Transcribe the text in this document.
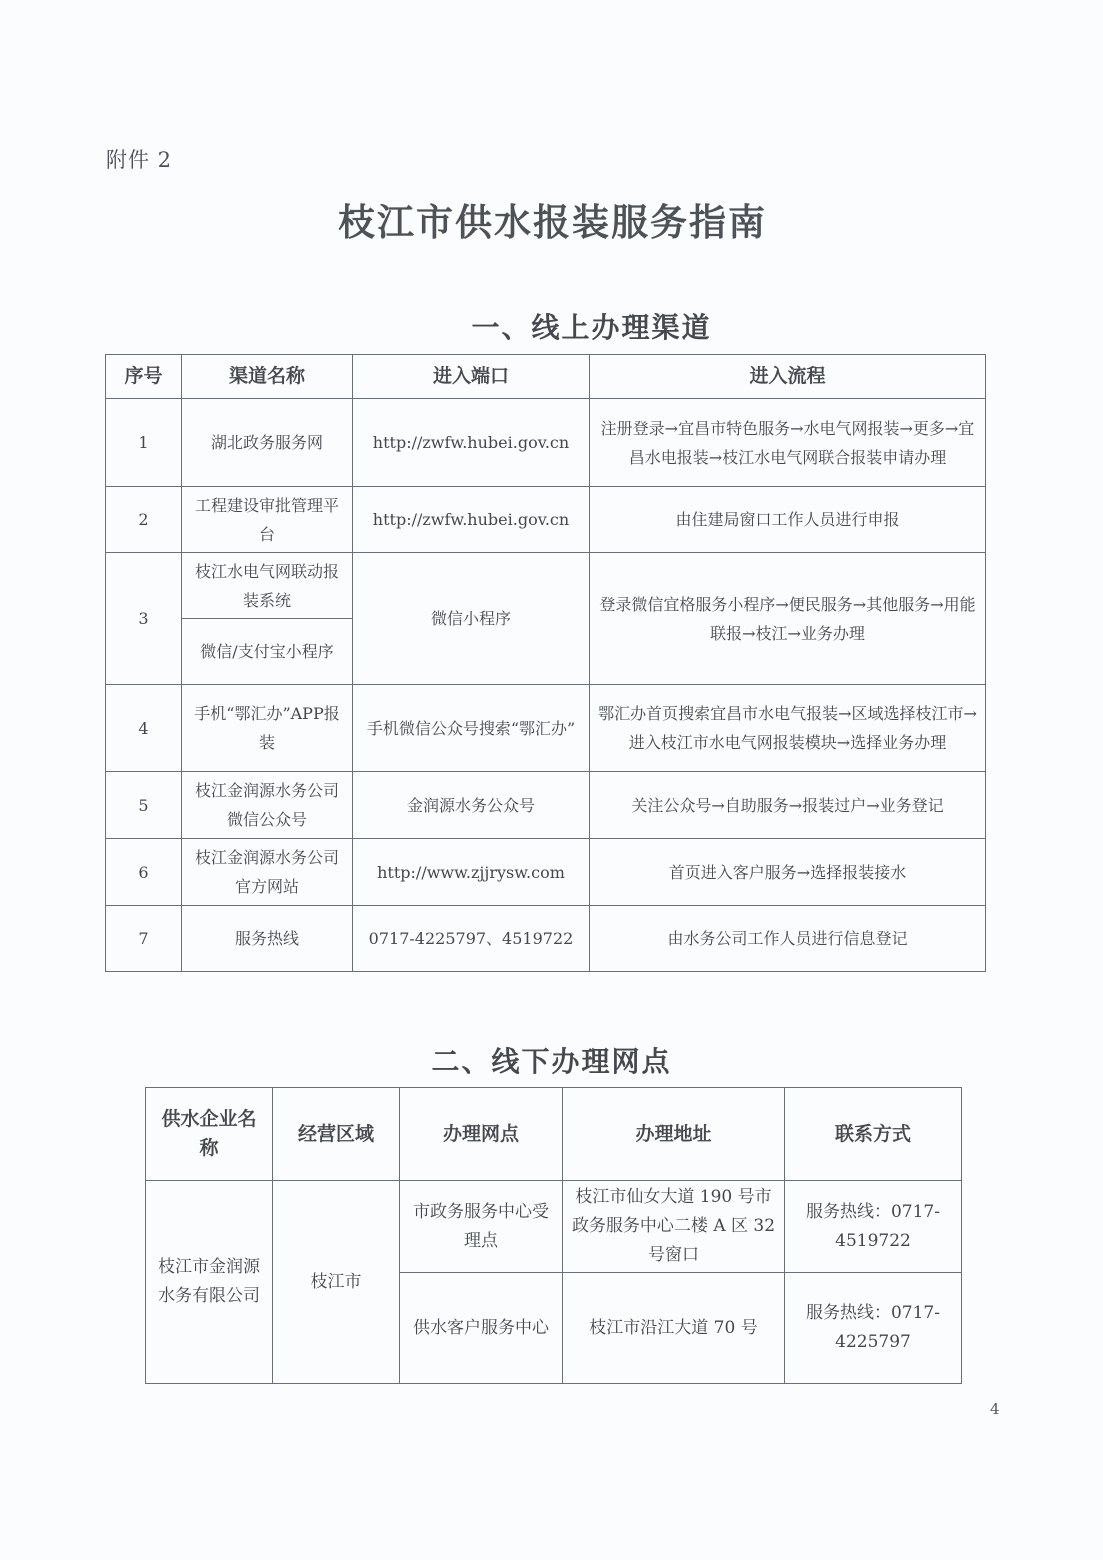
附件 2
枝江市供水报装服务指南
一、线上办理渠道
序号	渠道名称	进入端口	进入流程
1	湖北政务服务网	http://zwfw.hubei.gov.cn	注册登录→宜昌市特色服务→水电气网报装→更多→宜昌水电报装→枝江水电气网联合报装申请办理
2	工程建设审批管理平台	http://zwfw.hubei.gov.cn	由住建局窗口工作人员进行申报
3	枝江水电气网联动报装系统	微信小程序	登录微信宜格服务小程序→便民服务→其他服务→用能联报→枝江→业务办理
	微信/支付宝小程序		
4	手机“鄂汇办”APP报装	手机微信公众号搜索“鄂汇办”	鄂汇办首页搜索宜昌市水电气报装→区域选择枝江市→进入枝江市水电气网报装模块→选择业务办理
5	枝江金润源水务公司微信公众号	金润源水务公众号	关注公众号→自助服务→报装过户→业务登记
6	枝江金润源水务公司官方网站	http://www.zjjrysw.com	首页进入客户服务→选择报装接水
7	服务热线	0717-4225797、4519722	由水务公司工作人员进行信息登记
二、线下办理网点
供水企业名称	经营区域	办理网点	办理地址	联系方式
枝江市金润源水务有限公司	枝江市	市政务服务中心受理点	枝江市仙女大道 190 号市政务服务中心二楼 A 区 32 号窗口	服务热线：0717-4519722
		供水客户服务中心	枝江市沿江大道 70 号	服务热线：0717-4225797
4
